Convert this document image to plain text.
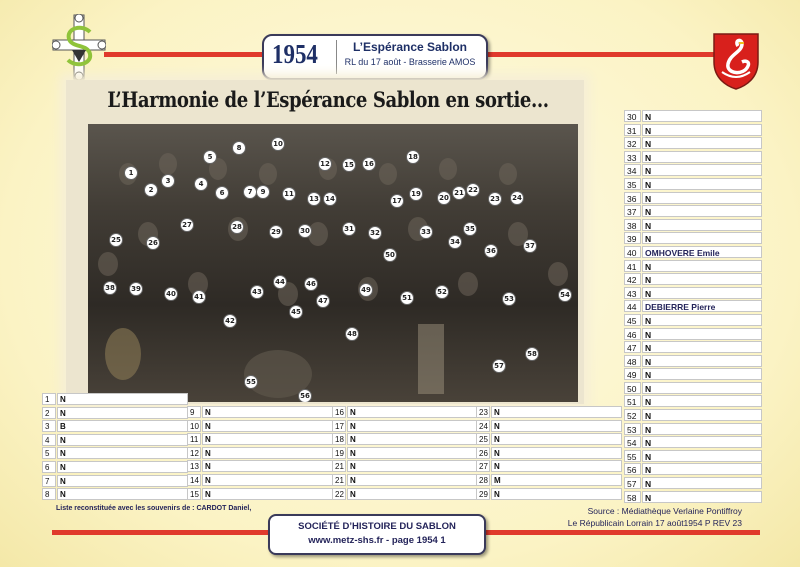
1954	L’Espérance Sablon
RL du 17 août - Brasserie AMOS
L’Harmonie de l’Espérance Sablon en sortie...
1
2
3	4
5
6	7
8
9
10
11
12
13 14
15	16
17
18
19	20
21 22
23	24
25	26
27	28
29	30	31	32	33
34
35
36
37
38	39
40	41
42
43
44
45
46
47
48
49
50
51
52
53	54
55
56
57
58
1	N
2	N
3	B
4	N
5	N
6	N
7	N
8	N
9	N
10 N
11 N
12 N
13 N
14 N
15 N
16 N
17 N
18 N
19 N
21 N
21 N
22 N
23 N
24 N
25 N
26 N
27 N
28 M
29 N
30	N
31	N
32	N
33	N
34	N
35	N
36	N
37	N
38	N
39	N
40	OMHOVERE Emile
41	N
42	N
43	N
44	DEBIERRE Pierre
45	N
46	N
47	N
48	N
49	N
50	N
51	N
52	N
53	N
54	N
55	N
56	N
57	N
58	N
Liste reconstituée avec les souvenirs de : CARDOT Daniel,	Source : Médiathèque Verlaine Pontiffroy
Le Républicain Lorrain 17 août1954 P REV 23
SOCIÉTÉ D’HISTOIRE DU SABLON
www.metz-shs.fr - page 1954 1
